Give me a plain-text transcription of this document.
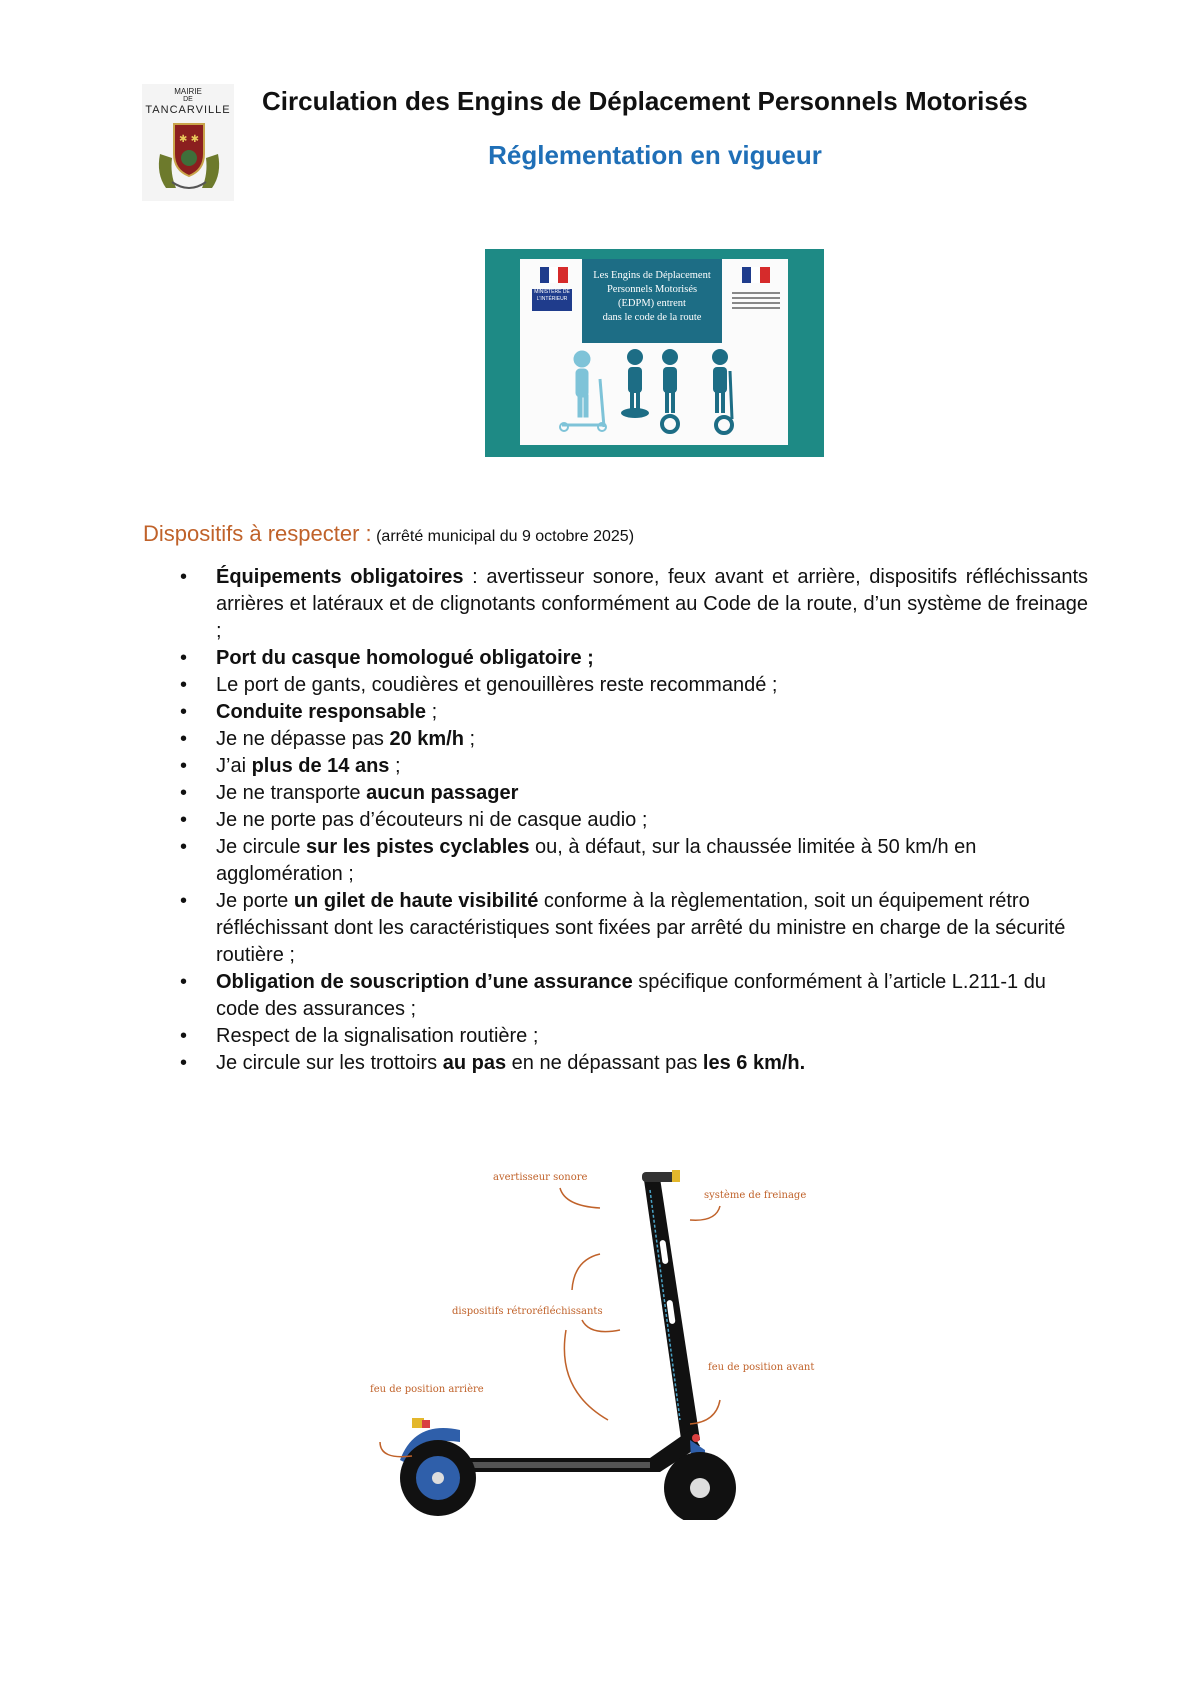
MAIRIE
DE
TANCARVILLE
✱ ✱
Circulation des Engins de Déplacement Personnels Motorisés
Réglementation en vigueur
MINISTÈRE DE L'INTÉRIEUR
Les Engins de Déplacement
Personnels Motorisés
(EDPM) entrent
dans le code de la route
Dispositifs à respecter : (arrêté municipal du 9 octobre 2025)
• Équipements obligatoires : avertisseur sonore, feux avant et arrière, dispositifs réfléchissants arrières et latéraux et de clignotants conformément au Code de la route, d’un système de freinage ;
• Port du casque homologué obligatoire ;
• Le port de gants, coudières et genouillères reste recommandé ;
• Conduite responsable ;
• Je ne dépasse pas 20 km/h ;
• J’ai plus de 14 ans ;
• Je ne transporte aucun passager
• Je ne porte pas d’écouteurs ni de casque audio ;
• Je circule sur les pistes cyclables ou, à défaut, sur la chaussée limitée à 50 km/h en agglomération ;
• Je porte un gilet de haute visibilité conforme à la règlementation, soit un équipement rétro réfléchissant dont les caractéristiques sont fixées par arrêté du ministre en charge de la sécurité routière ;
• Obligation de souscription d’une assurance spécifique conformément à l’article L.211-1 du code des assurances ;
• Respect de la signalisation routière ;
• Je circule sur les trottoirs au pas en ne dépassant pas les 6 km/h.
avertisseur sonore
système de freinage
dispositifs rétroréfléchissants
feu de position avant
feu de position arrière
